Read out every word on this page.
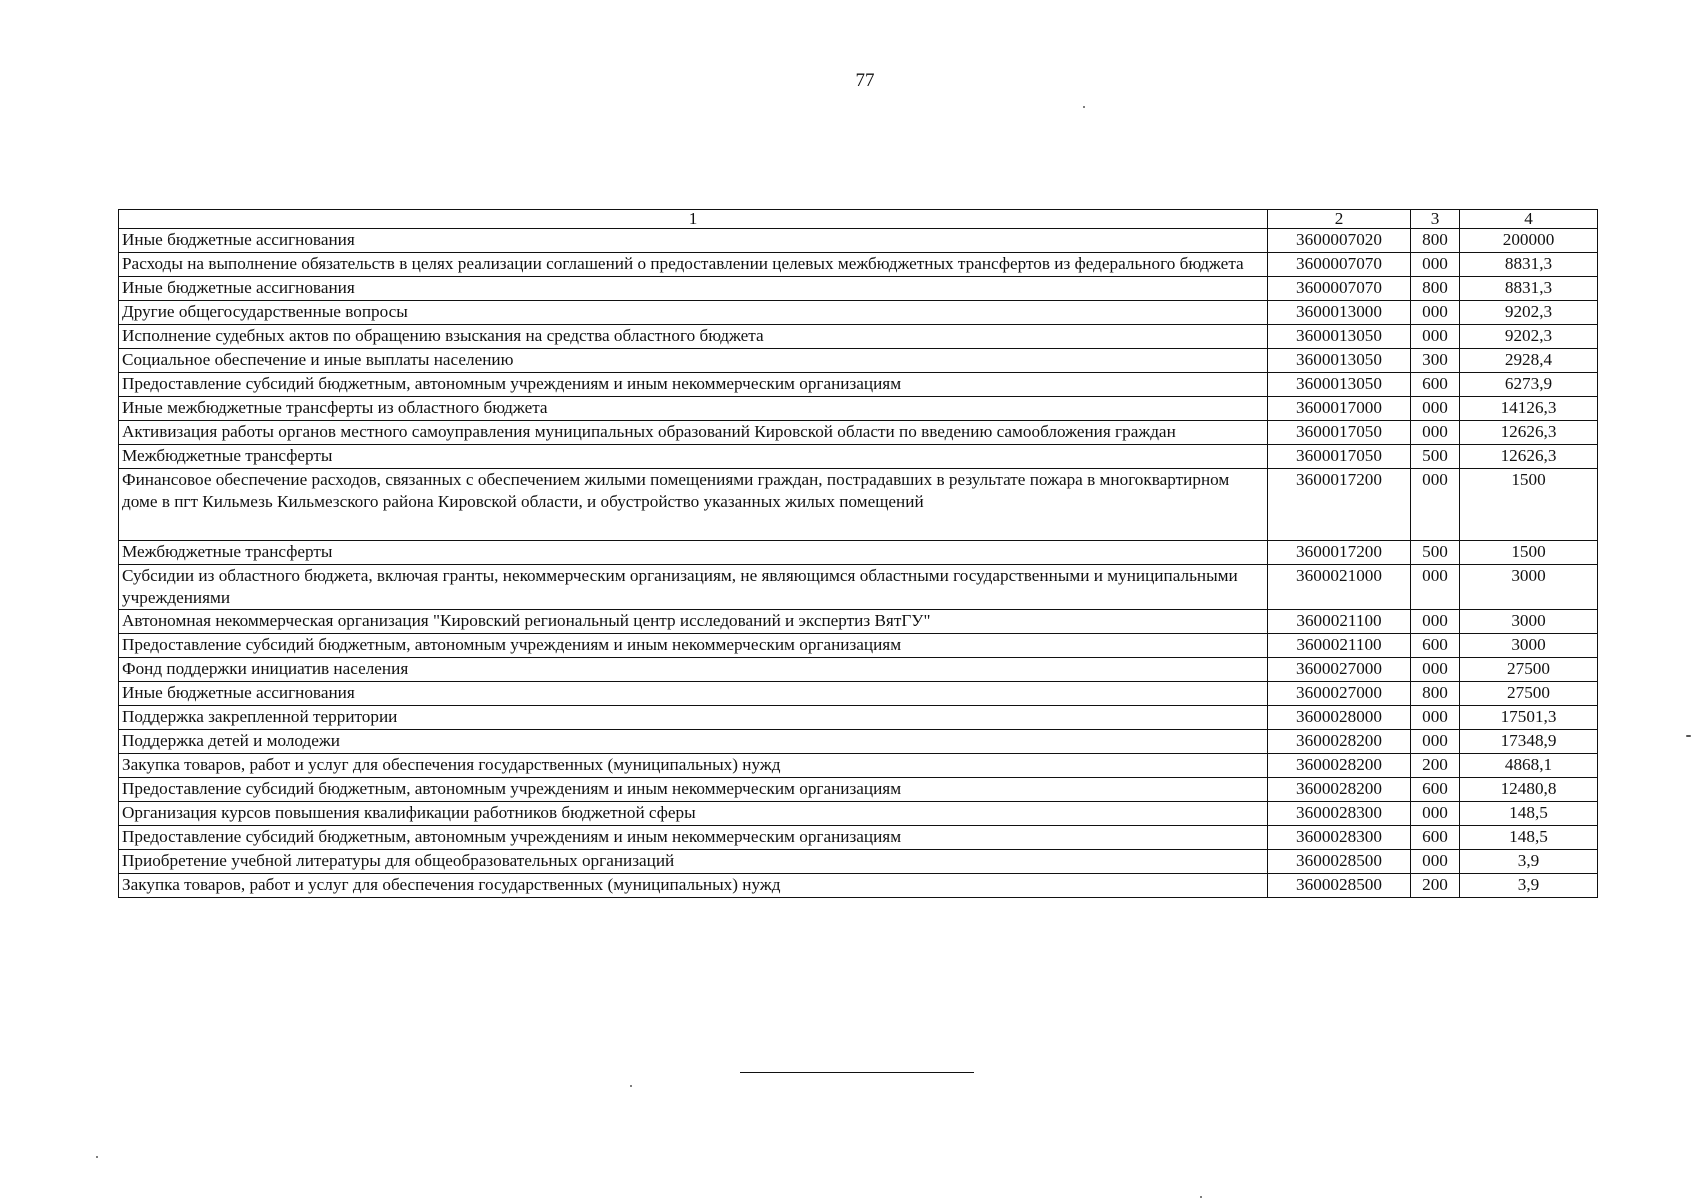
77
1	2	3	4
Иные бюджетные ассигнования	3600007020	800	200000
Расходы на выполнение обязательств в целях реализации соглашений о предоставлении целевых межбюджетных трансфертов из федерального бюджета	3600007070	000	8831,3
Иные бюджетные ассигнования	3600007070	800	8831,3
Другие общегосударственные вопросы	3600013000	000	9202,3
Исполнение судебных актов по обращению взыскания на средства областного бюджета	3600013050	000	9202,3
Социальное обеспечение и иные выплаты населению	3600013050	300	2928,4
Предоставление субсидий бюджетным, автономным учреждениям и иным некоммерческим организациям	3600013050	600	6273,9
Иные межбюджетные трансферты из областного бюджета	3600017000	000	14126,3
Активизация работы органов местного самоуправления муниципальных образований Кировской области по введению самообложения граждан	3600017050	000	12626,3
Межбюджетные трансферты	3600017050	500	12626,3
Финансовое обеспечение расходов, связанных с обеспечением жилыми помещениями граждан, пострадавших в результате пожара в многоквартирном доме в пгт Кильмезь Кильмезского района Кировской области, и обустройство указанных жилых помещений	3600017200	000	1500
Межбюджетные трансферты	3600017200	500	1500
Субсидии из областного бюджета, включая гранты, некоммерческим организациям, не являющимся областными государственными и муниципальными учреждениями	3600021000	000	3000
Автономная некоммерческая организация "Кировский региональный центр исследований и экспертиз ВятГУ"	3600021100	000	3000
Предоставление субсидий бюджетным, автономным учреждениям и иным некоммерческим организациям	3600021100	600	3000
Фонд поддержки инициатив населения	3600027000	000	27500
Иные бюджетные ассигнования	3600027000	800	27500
Поддержка закрепленной территории	3600028000	000	17501,3
Поддержка детей и молодежи	3600028200	000	17348,9
Закупка товаров, работ и услуг для обеспечения государственных (муниципальных) нужд	3600028200	200	4868,1
Предоставление субсидий бюджетным, автономным учреждениям и иным некоммерческим организациям	3600028200	600	12480,8
Организация курсов повышения квалификации работников бюджетной сферы	3600028300	000	148,5
Предоставление субсидий бюджетным, автономным учреждениям и иным некоммерческим организациям	3600028300	600	148,5
Приобретение учебной литературы для общеобразовательных организаций	3600028500	000	3,9
Закупка товаров, работ и услуг для обеспечения государственных (муниципальных) нужд	3600028500	200	3,9
